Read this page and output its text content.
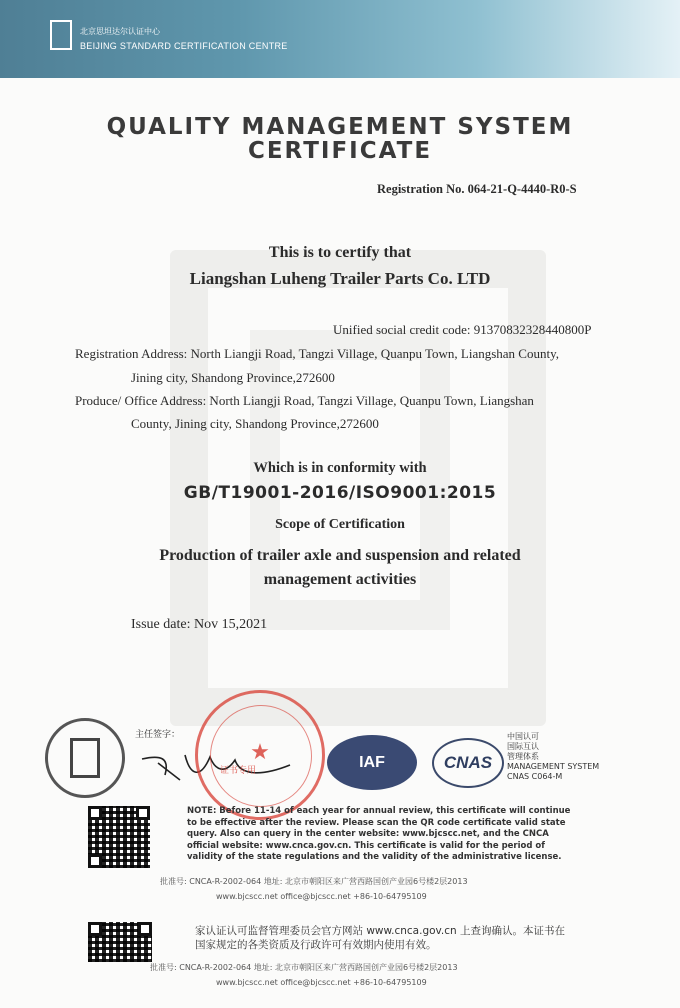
北京思坦达尔认证中心
BEIJING STANDARD CERTIFICATION CENTRE
QUALITY MANAGEMENT SYSTEM
CERTIFICATE
Registration No. 064-21-Q-4440-R0-S
This is to certify that
Liangshan Luheng Trailer Parts Co. LTD
Unified social credit code: 91370832328440800P
Registration Address: North Liangji Road, Tangzi Village, Quanpu Town, Liangshan County,
Jining city, Shandong Province,272600
Produce/ Office Address: North Liangji Road, Tangzi Village, Quanpu Town, Liangshan
County, Jining city, Shandong Province,272600
Which is in conformity with
GB/T19001-2016/ISO9001:2015
Scope of Certification
Production of trailer axle and suspension and related
management activities
Issue date: Nov 15,2021
主任签字：
★
证书专用
IAF	CNAS
中国认可
国际互认
管理体系
MANAGEMENT SYSTEM
CNAS C064-M
NOTE: Before 11-14 of each year for annual review, this certificate will continue to be effective after the review. Please scan the QR code certificate valid state query. Also can query in the center website: www.bjcscc.net, and the CNCA official website: www.cnca.gov.cn. This certificate is valid for the period of validity of the state regulations and the validity of the administrative license.
批准号: CNCA-R-2002-064 地址: 北京市朝阳区来广营西路国创产业园6号楼2层2013
www.bjcscc.net office@bjcscc.net +86-10-64795109
家认证认可监督管理委员会官方网站 www.cnca.gov.cn 上查询确认。本证书在国家规定的各类资质及行政许可有效期内使用有效。
批准号: CNCA-R-2002-064 地址: 北京市朝阳区来广营西路国创产业园6号楼2层2013
www.bjcscc.net office@bjcscc.net +86-10-64795109
